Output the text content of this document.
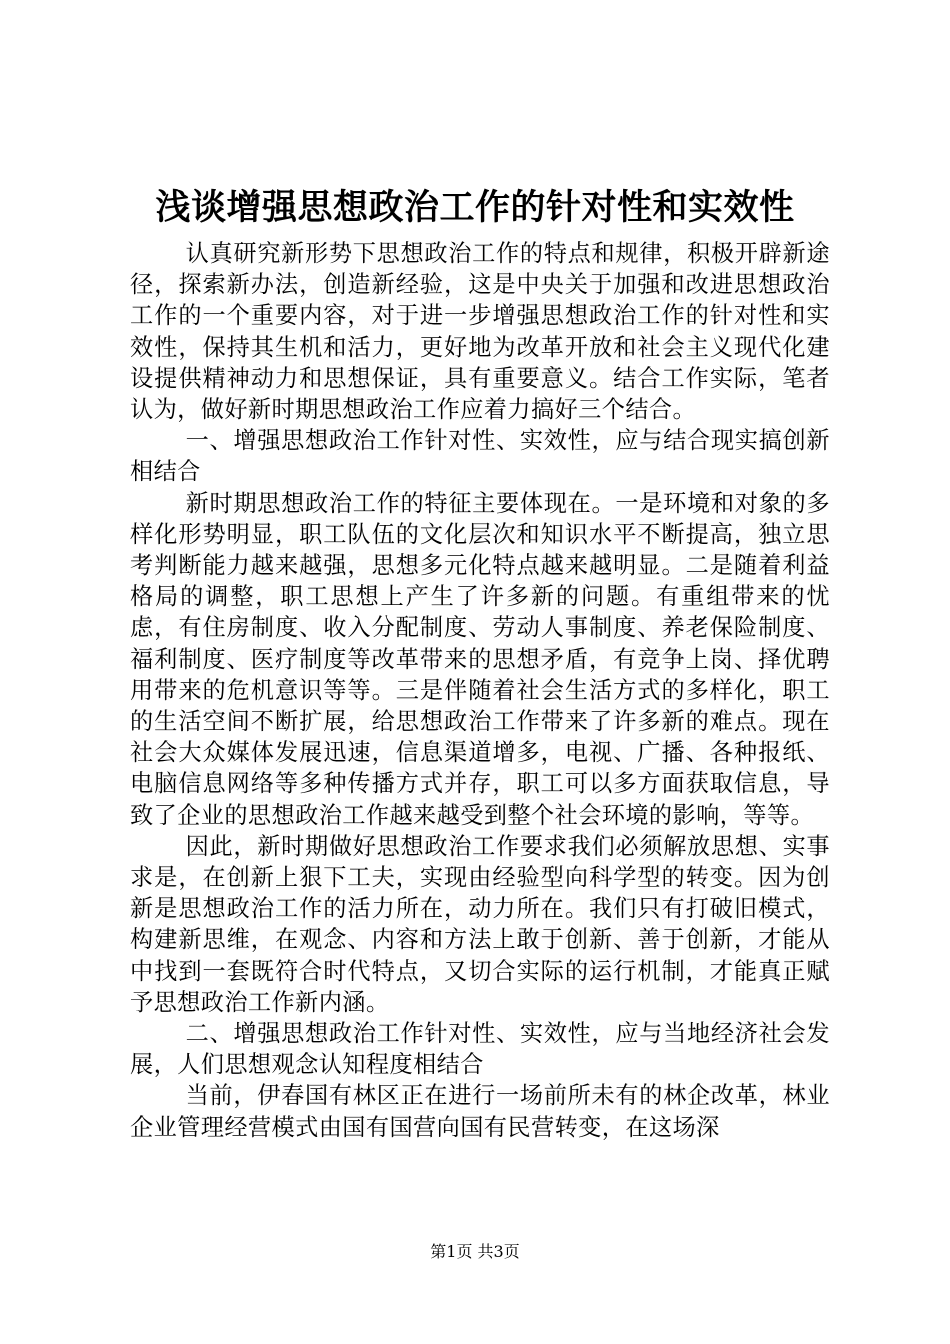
浅谈增强思想政治工作的针对性和实效性

认真研究新形势下思想政治工作的特点和规律，积极开辟新途径，探索新办法，创造新经验，这是中央关于加强和改进思想政治工作的一个重要内容，对于进一步增强思想政治工作的针对性和实效性，保持其生机和活力，更好地为改革开放和社会主义现代化建设提供精神动力和思想保证，具有重要意义。结合工作实际，笔者认为，做好新时期思想政治工作应着力搞好三个结合。

一、增强思想政治工作针对性、实效性，应与结合现实搞创新相结合

新时期思想政治工作的特征主要体现在。一是环境和对象的多样化形势明显，职工队伍的文化层次和知识水平不断提高，独立思考判断能力越来越强，思想多元化特点越来越明显。二是随着利益格局的调整，职工思想上产生了许多新的问题。有重组带来的忧虑，有住房制度、收入分配制度、劳动人事制度、养老保险制度、福利制度、医疗制度等改革带来的思想矛盾，有竞争上岗、择优聘用带来的危机意识等等。三是伴随着社会生活方式的多样化，职工的生活空间不断扩展，给思想政治工作带来了许多新的难点。现在社会大众媒体发展迅速，信息渠道增多，电视、广播、各种报纸、电脑信息网络等多种传播方式并存，职工可以多方面获取信息，导致了企业的思想政治工作越来越受到整个社会环境的影响，等等。

因此，新时期做好思想政治工作要求我们必须解放思想、实事求是，在创新上狠下工夫，实现由经验型向科学型的转变。因为创新是思想政治工作的活力所在，动力所在。我们只有打破旧模式，构建新思维，在观念、内容和方法上敢于创新、善于创新，才能从中找到一套既符合时代特点，又切合实际的运行机制，才能真正赋予思想政治工作新内涵。

二、增强思想政治工作针对性、实效性，应与当地经济社会发展，人们思想观念认知程度相结合

当前，伊春国有林区正在进行一场前所未有的林企改革，林业企业管理经营模式由国有国营向国有民营转变，在这场深

第1页 共3页
